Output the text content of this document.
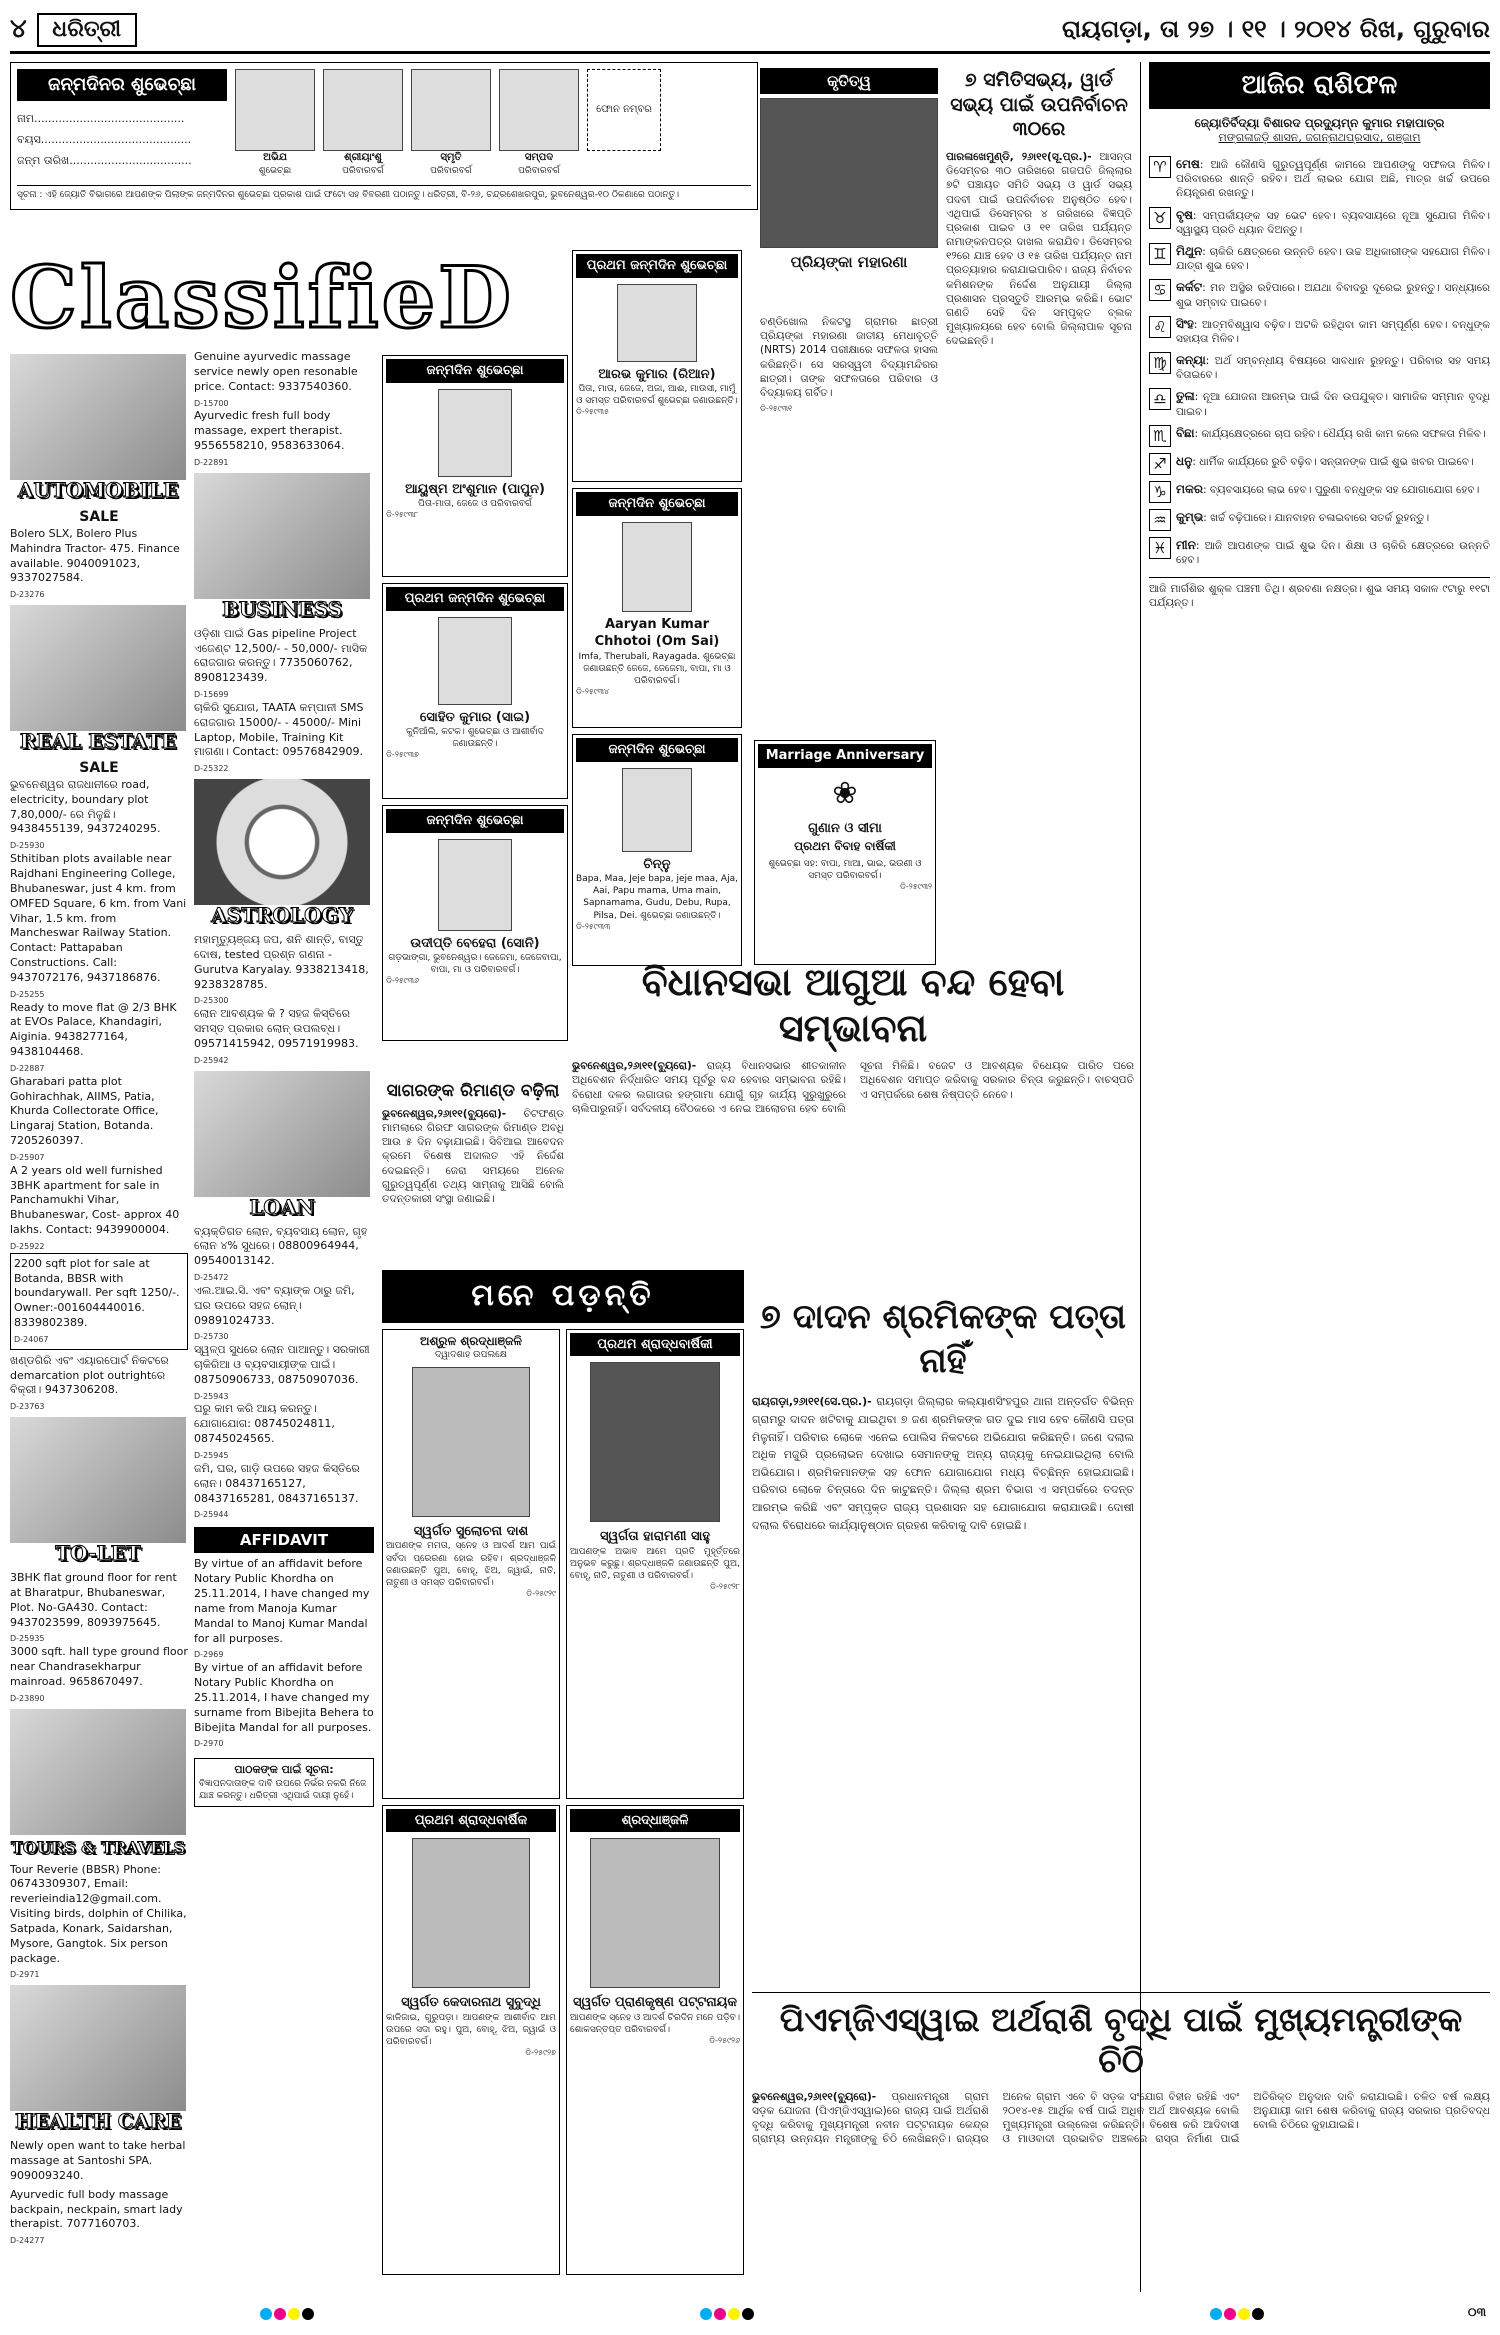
୪	ଧରିତ୍ରୀ	ରାୟଗଡ଼ା, ତା ୨୭ । ୧୧ । ୨୦୧୪ ରିଖ, ଗୁରୁବାର
ଜନ୍ମଦିନର ଶୁଭେଚ୍ଛା
ନାମ...........................................
ବୟସ...........................................
ଜନ୍ମ ତାରିଖ...................................	ଅଭିଯ
ଶୁଭେଚ୍ଛା
ଶ୍ରୀୟାଂଶୁ
ପରିବାରବର୍ଗ
ସ୍ମୃତି
ପରିବାରବର୍ଗ
ସମ୍ପଦ
ପରିବାରବର୍ଗ
ଫୋନ ନମ୍ବର
ସୂଚନା : ଏହି ଜ୍ୟୋତି ବିଭାଗରେ ଆପଣଙ୍କ ପିଲାଙ୍କ ଜନ୍ମଦିନର ଶୁଭେଚ୍ଛା ପ୍ରକାଶ ପାଇଁ ଫଟୋ ସହ ବିବରଣୀ ପଠାନ୍ତୁ। ଧରିତ୍ରୀ, ବି-୨୬, ଚନ୍ଦ୍ରଶେଖରପୁର, ଭୁବନେଶ୍ୱର-୧୦ ଠିକଣାରେ ପଠାନ୍ତୁ।
ClassifieD
AUTOMOBILE
SALE

Bolero SLX, Bolero Plus Mahindra Tractor- 475. Finance available. 9040091023, 9337027584.

D-23276
REAL ESTATE
SALE

ଭୁବନେଶ୍ୱର ରାଜଧାନୀରେ road, electricity, boundary plot 7,80,000/- ରେ ମିଳୁଛି। 9438455139, 9437240295.

D-25930

Sthitiban plots available near Rajdhani Engineering College, Bhubaneswar, just 4 km. from OMFED Square, 6 km. from Vani Vihar, 1.5 km. from Mancheswar Railway Station. Contact: Pattapaban Constructions. Call: 9437072176, 9437186876.

D-25255

Ready to move flat @ 2/3 BHK at EVOs Palace, Khandagiri, Aiginia. 9438277164, 9438104468.

D-22887

Gharabari patta plot Gohirachhak, AIIMS, Patia, Khurda Collectorate Office, Lingaraj Station, Botanda. 7205260397.

D-25907

A 2 years old well furnished 3BHK apartment for sale in Panchamukhi Vihar, Bhubaneswar, Cost- approx 40 lakhs. Contact: 9439900004.

D-25922

2200 sqft plot for sale at Botanda, BBSR with boundarywall. Per sqft 1250/-. Owner:-001604440016. 8339802389.

D-24067

ଖଣ୍ଡଗିରି ଏବଂ ଏୟାରପୋର୍ଟ ନିକଟରେ demarcation plot outrightରେ ବିକ୍ରୀ। 9437306208.

D-23763
TO-LET

3BHK flat ground floor for rent at Bharatpur, Bhubaneswar, Plot. No-GA430. Contact: 9437023599, 8093975645.

D-25935

3000 sqft. hall type ground floor near Chandrasekharpur mainroad. 9658670497.

D-23890
TOURS & TRAVELS

Tour Reverie (BBSR) Phone: 06743309307, Email: reverieindia12@gmail.com. Visiting birds, dolphin of Chilika, Satpada, Konark, Saidarshan, Mysore, Gangtok. Six person package.

D-2971
HEALTH CARE

Newly open want to take herbal massage at Santoshi SPA. 9090093240.

Ayurvedic full body massage backpain, neckpain, smart lady therapist. 7077160703.

D-24277

Genuine ayurvedic massage service newly open resonable price. Contact: 9337540360.

D-15700

Ayurvedic fresh full body massage, expert therapist. 9556558210, 9583633064.

D-22891
BUSINESS

ଓଡ଼ିଶା ପାଇଁ Gas pipeline Project ଏଜେଣ୍ଟ 12,500/- - 50,000/- ମାସିକ ରୋଜଗାର କରନ୍ତୁ। 7735060762, 8908123439.

D-15699

ଚାକିରି ସୁଯୋଗ, TAATA କମ୍ପାନୀ SMS ରୋଜଗାର 15000/- - 45000/- Mini Laptop, Mobile, Training Kit ମାଗଣା। Contact: 09576842909.

D-25322
ASTROLOGY

ମହାମୃତ୍ୟୁଞ୍ଜୟ ଜପ, ଶନି ଶାନ୍ତି, ବାସ୍ତୁ ଦୋଷ, tested ପ୍ରଶ୍ନ ଗଣନା - Gurutva Karyalay. 9338213418, 9238328785.

D-25300

ଲୋନ ଆବଶ୍ୟକ କି ? ସହଜ କିସ୍ତିରେ ସମସ୍ତ ପ୍ରକାର ଲୋନ୍ ଉପଲବ୍ଧ। 09571415942, 09571919983.

D-25942
LOAN

ବ୍ୟକ୍ତିଗତ ଲୋନ, ବ୍ୟବସାୟ ଲୋନ, ଗୃହ ଲୋନ ୪% ସୁଧରେ। 08800964944, 09540013142.

D-25472

ଏଲ.ଆଇ.ସି. ଏବଂ ବ୍ୟାଙ୍କ ଠାରୁ ଜମି, ଘର ଉପରେ ସହଜ ଲୋନ୍। 09891024733.

D-25730

ସ୍ୱଳ୍ପ ସୁଧରେ ଲୋନ ପାଆନ୍ତୁ। ସରକାରୀ ଚାକିରିଆ ଓ ବ୍ୟବସାୟୀଙ୍କ ପାଇଁ। 08750906733, 08750907036.

D-25943

ଘରୁ କାମ କରି ଆୟ କରନ୍ତୁ। ଯୋଗାଯୋଗ: 08745024811, 08745024565.

D-25945

ଜମି, ଘର, ଗାଡ଼ି ଉପରେ ସହଜ କିସ୍ତିରେ ଲୋନ। 08437165127, 08437165281, 08437165137.

D-25944
AFFIDAVIT

By virtue of an affidavit before Notary Public Khordha on 25.11.2014, I have changed my name from Manoja Kumar Mandal to Manoj Kumar Mandal for all purposes.

D-2969

By virtue of an affidavit before Notary Public Khordha on 25.11.2014, I have changed my surname from Bibejita Behera to Bibejita Mandal for all purposes.

D-2970
ପାଠକଙ୍କ ପାଇଁ ସୂଚନା:
ବିଜ୍ଞାପନଦାତାଙ୍କ ଦାବି ଉପରେ ନିର୍ଭର ନକରି ନିଜେ ଯାଞ୍ଚ କରନ୍ତୁ। ଧରିତ୍ରୀ ଏଥିପାଇଁ ଦାୟୀ ନୁହେଁ।
ଜନ୍ମଦିନ ଶୁଭେଚ୍ଛା
ଆୟୁଷ୍ମ ଅଂଶୁମାନ (ପାପୁନ)
ପିତା-ମାତା, ଜେଜେ ଓ ପରିବାରବର୍ଗ
ଡି-୨୫୯୩୮
ପ୍ରଥମ ଜନ୍ମଦିନ ଶୁଭେଚ୍ଛା
ସୋହିତ କୁମାର (ସାଇ)
କୁନିଆଁଲି, କଟକ। ଶୁଭେଚ୍ଛା ଓ ଆଶୀର୍ବାଦ ଜଣାଉଛନ୍ତି।
ଡି-୨୫୯୩୭
ଜନ୍ମଦିନ ଶୁଭେଚ୍ଛା
ଉଦୀପ୍ତି ବେହେରା (ସୋନି)
ଗଡ଼ଭାଙ୍ଗା, ଭୁବନେଶ୍ୱର। ଜେଜେମା, ଜେଜେବାପା, ବାପା, ମା ଓ ପରିବାରବର୍ଗ।
ଡି-୨୫୯୩୬
ପ୍ରଥମ ଜନ୍ମଦିନ ଶୁଭେଚ୍ଛା
ଆରଭ କୁମାର (ରିଆନ)
ପିତା, ମାତା, ଜେଜେ, ଅଜା, ଆଈ, ମାଉସୀ, ମାମୁଁ ଓ ସମସ୍ତ ପରିବାରବର୍ଗ ଶୁଭେଚ୍ଛା ଜଣାଉଛନ୍ତି।
ଡି-୨୫୯୩୫
ଜନ୍ମଦିନ ଶୁଭେଚ୍ଛା
Aaryan Kumar Chhotoi (Om Sai)
Imfa, Therubali, Rayagada. ଶୁଭେଚ୍ଛା ଜଣାଉଛନ୍ତି ଜେଜେ, ଜେଜେମା, ବାପା, ମା ଓ ପରିବାରବର୍ଗ।
ଡି-୨୫୯୩୪
ଜନ୍ମଦିନ ଶୁଭେଚ୍ଛା
ଚିନ୍ନୁ
Bapa, Maa, Jeje bapa, jeje maa, Aja, Aai, Papu mama, Uma main, Sapnamama, Gudu, Debu, Rupa, Pilsa, Dei. ଶୁଭେଚ୍ଛା ଜଣାଉଛନ୍ତି।
ଡି-୨୫୯୩୩
Marriage Anniversary
❀
ଗୁଣାନ ଓ ସୀମା
ପ୍ରଥମ ବିବାହ ବାର୍ଷିକୀ
ଶୁଭେଚ୍ଛା ସହ: ବାପା, ମାଆ, ଭାଇ, ଭଉଣୀ ଓ ସମସ୍ତ ପରିବାରବର୍ଗ।
ଡି-୨୫୯୩୨
କୃତିତ୍ୱ
ପ୍ରିୟଙ୍କା ମହାରଣା
ଚଣ୍ଡିଖୋଲ ନିକଟସ୍ଥ ଗ୍ରାମର ଛାତ୍ରୀ ପ୍ରିୟଙ୍କା ମହାରଣା ଜାତୀୟ ମେଧାବୃତ୍ତି (NRTS) 2014 ପରୀକ୍ଷାରେ ସଫଳତା ହାସଲ କରିଛନ୍ତି। ସେ ସରସ୍ୱତୀ ବିଦ୍ୟାମନ୍ଦିରର ଛାତ୍ରୀ। ତାଙ୍କ ସଫଳତାରେ ପରିବାର ଓ ବିଦ୍ୟାଳୟ ଗର୍ବିତ।
ଡି-୨୫୯୩୧
୭ ସମିତିସଭ୍ୟ, ୱାର୍ଡ ସଭ୍ୟ ପାଇଁ ଉପନିର୍ବାଚନ ୩୦ରେ
ପାରଳାଖେମୁଣ୍ଡି, ୨୬ା୧୧(ସୂ.ପ୍ର.)- ଆସନ୍ତା ଡିସେମ୍ବର ୩୦ ତାରିଖରେ ଗଜପତି ଜିଲ୍ଲାର ୭ଟି ପଞ୍ଚାୟତ ସମିତି ସଭ୍ୟ ଓ ୱାର୍ଡ ସଭ୍ୟ ପଦବୀ ପାଇଁ ଉପନିର୍ବାଚନ ଅନୁଷ୍ଠିତ ହେବ। ଏଥିପାଇଁ ଡିସେମ୍ବର ୪ ତାରିଖରେ ବିଜ୍ଞପ୍ତି ପ୍ରକାଶ ପାଇବ ଓ ୧୧ ତାରିଖ ପର୍ଯ୍ୟନ୍ତ ନାମାଙ୍କନପତ୍ର ଦାଖଲ କରାଯିବ। ଡିସେମ୍ବର ୧୨ରେ ଯାଞ୍ଚ ହେବ ଓ ୧୫ ତାରିଖ ପର୍ଯ୍ୟନ୍ତ ନାମ ପ୍ରତ୍ୟାହାର କରାଯାଇପାରିବ। ରାଜ୍ୟ ନିର୍ବାଚନ କମିଶନଙ୍କ ନିର୍ଦ୍ଦେଶ ଅନୁଯାୟୀ ଜିଲ୍ଲା ପ୍ରଶାସନ ପ୍ରସ୍ତୁତି ଆରମ୍ଭ କରିଛି। ଭୋଟ ଗଣତି ସେହି ଦିନ ସମ୍ପୃକ୍ତ ବ୍ଲକ ମୁଖ୍ୟାଳୟରେ ହେବ ବୋଲି ଜିଲ୍ଲାପାଳ ସୂଚନା ଦେଇଛନ୍ତି।
ଆଜିର ରାଶିଫଳ
ଜ୍ୟୋତିର୍ବିଦ୍ୟା ବିଶାରଦ ପ୍ରଦ୍ୟୁମ୍ନ କୁମାର ମହାପାତ୍ର
ମଙ୍ଗଳାଜଡ଼ି ଶାସନ, ଜଗନ୍ନାଥପ୍ରସାଦ, ଗଞ୍ଜାମ
♈ ମେଷ: ଆଜି କୌଣସି ଗୁରୁତ୍ୱପୂର୍ଣ୍ଣ କାମରେ ଆପଣଙ୍କୁ ସଫଳତା ମିଳିବ। ପରିବାରରେ ଶାନ୍ତି ରହିବ। ଅର୍ଥ ଲାଭର ଯୋଗ ଅଛି, ମାତ୍ର ଖର୍ଚ୍ଚ ଉପରେ ନିୟନ୍ତ୍ରଣ ରଖନ୍ତୁ।
♉ ବୃଷ: ସମ୍ପର୍କୀୟଙ୍କ ସହ ଭେଟ ହେବ। ବ୍ୟବସାୟରେ ନୂଆ ସୁଯୋଗ ମିଳିବ। ସ୍ୱାସ୍ଥ୍ୟ ପ୍ରତି ଧ୍ୟାନ ଦିଅନ୍ତୁ।
♊ ମିଥୁନ: ଚାକିରି କ୍ଷେତ୍ରରେ ଉନ୍ନତି ହେବ। ଉଚ୍ଚ ଅଧିକାରୀଙ୍କ ସହଯୋଗ ମିଳିବ। ଯାତ୍ରା ଶୁଭ ହେବ।
♋ କର୍କଟ: ମନ ଅସ୍ଥିର ରହିପାରେ। ଅଯଥା ବିବାଦରୁ ଦୂରେଇ ରୁହନ୍ତୁ। ସନ୍ଧ୍ୟାରେ ଶୁଭ ସମ୍ବାଦ ପାଇବେ।
♌ ସିଂହ: ଆତ୍ମବିଶ୍ୱାସ ବଢ଼ିବ। ଅଟକି ରହିଥିବା କାମ ସମ୍ପୂର୍ଣ୍ଣ ହେବ। ବନ୍ଧୁଙ୍କ ସହାୟତା ମିଳିବ।
♍ କନ୍ୟା: ଅର୍ଥ ସମ୍ବନ୍ଧୀୟ ବିଷୟରେ ସାବଧାନ ରୁହନ୍ତୁ। ପରିବାର ସହ ସମୟ ବିତାଇବେ।
♎ ତୁଳା: ନୂଆ ଯୋଜନା ଆରମ୍ଭ ପାଇଁ ଦିନ ଉପଯୁକ୍ତ। ସାମାଜିକ ସମ୍ମାନ ବୃଦ୍ଧି ପାଇବ।
♏ ବିଛା: କାର୍ଯ୍ୟକ୍ଷେତ୍ରରେ ଚାପ ରହିବ। ଧୈର୍ଯ୍ୟ ରଖି କାମ କଲେ ସଫଳତା ମିଳିବ।
♐ ଧନୁ: ଧାର୍ମିକ କାର୍ଯ୍ୟରେ ରୁଚି ବଢ଼ିବ। ସନ୍ତାନଙ୍କ ପାଇଁ ଶୁଭ ଖବର ପାଇବେ।
♑ ମକର: ବ୍ୟବସାୟରେ ଲାଭ ହେବ। ପୁରୁଣା ବନ୍ଧୁଙ୍କ ସହ ଯୋଗାଯୋଗ ହେବ।
♒ କୁମ୍ଭ: ଖର୍ଚ୍ଚ ବଢ଼ିପାରେ। ଯାନବାହନ ଚଳାଇବାରେ ସତର୍କ ରୁହନ୍ତୁ।
♓ ମୀନ: ଆଜି ଆପଣଙ୍କ ପାଇଁ ଶୁଭ ଦିନ। ଶିକ୍ଷା ଓ ଚାକିରି କ୍ଷେତ୍ରରେ ଉନ୍ନତି ହେବ।
ଆଜି ମାର୍ଗଶିର ଶୁକ୍ଳ ପଞ୍ଚମୀ ତିଥି। ଶ୍ରବଣା ନକ୍ଷତ୍ର। ଶୁଭ ସମୟ ସକାଳ ୯ଟାରୁ ୧୧ଟା ପର୍ଯ୍ୟନ୍ତ।
ବିଧାନସଭା ଆଗୁଆ ବନ୍ଦ ହେବା ସମ୍ଭାବନା
ଭୁବନେଶ୍ୱର,୨୬ା୧୧(ବ୍ୟୁରୋ)- ରାଜ୍ୟ ବିଧାନସଭାର ଶୀତକାଳୀନ ଅଧିବେଶନ ନିର୍ଦ୍ଧାରିତ ସମୟ ପୂର୍ବରୁ ବନ୍ଦ ହେବାର ସମ୍ଭାବନା ରହିଛି। ବିରୋଧୀ ଦଳର ଲଗାତାର ହଙ୍ଗାମା ଯୋଗୁଁ ଗୃହ କାର୍ଯ୍ୟ ସୁରୁଖୁରୁରେ ଚାଲିପାରୁନାହିଁ। ସର୍ବଦଳୀୟ ବୈଠକରେ ଏ ନେଇ ଆଲୋଚନା ହେବ ବୋଲି ସୂଚନା ମିଳିଛି। ବଜେଟ ଓ ଆବଶ୍ୟକ ବିଧେୟକ ପାରିତ ପରେ ଅଧିବେଶନ ସମାପ୍ତ କରିବାକୁ ସରକାର ଚିନ୍ତା କରୁଛନ୍ତି। ବାଚସ୍ପତି ଏ ସମ୍ପର୍କରେ ଶେଷ ନିଷ୍ପତ୍ତି ନେବେ।
ସାଗରଙ୍କ ରିମାଣ୍ଡ ବଢ଼ିଲା
ଭୁବନେଶ୍ୱର,୨୬ା୧୧(ବ୍ୟୁରୋ)- ଚିଟଫଣ୍ଡ ମାମଲାରେ ଗିରଫ ସାଗରଙ୍କ ରିମାଣ୍ଡ ଅବଧି ଆଉ ୫ ଦିନ ବଢ଼ାଯାଇଛି। ସିବିଆଇ ଆବେଦନ କ୍ରମେ ବିଶେଷ ଅଦାଲତ ଏହି ନିର୍ଦ୍ଦେଶ ଦେଇଛନ୍ତି। ଜେରା ସମୟରେ ଅନେକ ଗୁରୁତ୍ୱପୂର୍ଣ୍ଣ ତଥ୍ୟ ସାମ୍ନାକୁ ଆସିଛି ବୋଲି ତଦନ୍ତକାରୀ ସଂସ୍ଥା ଜଣାଇଛି।
ମନେ ପଡ଼ନ୍ତି
ଅଶ୍ରୁଳ ଶ୍ରଦ୍ଧାଞ୍ଜଳି
ଦ୍ୱାଦଶାହ ଉପଲକ୍ଷେ
ସ୍ୱର୍ଗତ ସୁଲୋଚନା ଦାଶ
ଆପଣଙ୍କ ମମତା, ସ୍ନେହ ଓ ଆଦର୍ଶ ଆମ ପାଇଁ ସର୍ବଦା ପ୍ରେରଣା ହୋଇ ରହିବ। ଶ୍ରଦ୍ଧାଞ୍ଜଳି ଜଣାଉଛନ୍ତି ପୁଅ, ବୋହୂ, ଝିଅ, ଜ୍ୱାଇଁ, ନାତି, ନାତୁଣୀ ଓ ସମସ୍ତ ପରିବାରବର୍ଗ।
ଡି-୨୫୯୨୯
ପ୍ରଥମ ଶ୍ରାଦ୍ଧବାର୍ଷିକ
ସ୍ୱର୍ଗତ କେଦାରନାଥ ସୁବୁଦ୍ଧି
କାଳିଜାଇ, ଗୁରୁପଡ଼ା। ଆପଣଙ୍କ ଆଶୀର୍ବାଦ ଆମ ଉପରେ ସଦା ରହୁ। ପୁଅ, ବୋହୂ, ଝିଅ, ଜ୍ୱାଇଁ ଓ ପରିବାରବର୍ଗ।
ଡି-୨୫୯୨୭
ପ୍ରଥମ ଶ୍ରାଦ୍ଧବାର୍ଷିକୀ
ସ୍ୱର୍ଗତା ହାରାମଣୀ ସାହୁ
ଆପଣଙ୍କ ଅଭାବ ଆମେ ପ୍ରତି ମୁହୂର୍ତ୍ତରେ ଅନୁଭବ କରୁଛୁ। ଶ୍ରଦ୍ଧାଞ୍ଜଳି ଜଣାଉଛନ୍ତି ପୁଅ, ବୋହୂ, ନାତି, ନାତୁଣୀ ଓ ପରିବାରବର୍ଗ।
ଡି-୨୫୯୨୮
ଶ୍ରଦ୍ଧାଞ୍ଜଳି
ସ୍ୱର୍ଗତ ପ୍ରାଣକୃଷ୍ଣ ପଟ୍ଟନାୟକ
ଆପଣଙ୍କ ସ୍ନେହ ଓ ଆଦର୍ଶ ଚିରଦିନ ମନେ ପଡ଼ିବ। ଶୋକସନ୍ତପ୍ତ ପରିବାରବର୍ଗ।
ଡି-୨୫୯୨୬
୭ ଦାଦନ ଶ୍ରମିକଙ୍କ ପତ୍ତା ନାହିଁ
ରାୟଗଡ଼ା,୨୬ା୧୧(ସେ.ପ୍ର.)- ରାୟଗଡ଼ା ଜିଲ୍ଲାର କଲ୍ୟାଣସିଂହପୁର ଥାନା ଅନ୍ତର୍ଗତ ବିଭିନ୍ନ ଗ୍ରାମରୁ ଦାଦନ ଖଟିବାକୁ ଯାଇଥିବା ୭ ଜଣ ଶ୍ରମିକଙ୍କ ଗତ ଦୁଇ ମାସ ହେବ କୌଣସି ପତ୍ତା ମିଳୁନାହିଁ। ପରିବାର ଲୋକେ ଏନେଇ ପୋଲିସ ନିକଟରେ ଅଭିଯୋଗ କରିଛନ୍ତି। ଜଣେ ଦଲାଲ ଅଧିକ ମଜୁରି ପ୍ରଲୋଭନ ଦେଖାଇ ସେମାନଙ୍କୁ ଅନ୍ୟ ରାଜ୍ୟକୁ ନେଇଯାଇଥିଲା ବୋଲି ଅଭିଯୋଗ। ଶ୍ରମିକମାନଙ୍କ ସହ ଫୋନ ଯୋଗାଯୋଗ ମଧ୍ୟ ବିଚ୍ଛିନ୍ନ ହୋଇଯାଇଛି। ପରିବାର ଲୋକେ ଚିନ୍ତାରେ ଦିନ କାଟୁଛନ୍ତି। ଜିଲ୍ଲା ଶ୍ରମ ବିଭାଗ ଏ ସମ୍ପର୍କରେ ତଦନ୍ତ ଆରମ୍ଭ କରିଛି ଏବଂ ସମ୍ପୃକ୍ତ ରାଜ୍ୟ ପ୍ରଶାସନ ସହ ଯୋଗାଯୋଗ କରାଯାଉଛି। ଦୋଷୀ ଦଲାଲ ବିରୋଧରେ କାର୍ଯ୍ୟାନୁଷ୍ଠାନ ଗ୍ରହଣ କରିବାକୁ ଦାବି ହୋଇଛି।
ପିଏମ୍‌ଜିଏସ୍‌ୱାଇ ଅର୍ଥରାଶି ବୃଦ୍ଧି ପାଇଁ ମୁଖ୍ୟମନ୍ତ୍ରୀଙ୍କ ଚିଠି
ଭୁବନେଶ୍ୱର,୨୬ା୧୧(ବ୍ୟୁରୋ)- ପ୍ରଧାନମନ୍ତ୍ରୀ ଗ୍ରାମ ସଡ଼କ ଯୋଜନା (ପିଏମ୍‌ଜିଏସ୍‌ୱାଇ)ରେ ରାଜ୍ୟ ପାଇଁ ଅର୍ଥରାଶି ବୃଦ୍ଧି କରିବାକୁ ମୁଖ୍ୟମନ୍ତ୍ରୀ ନବୀନ ପଟ୍ଟନାୟକ କେନ୍ଦ୍ର ଗ୍ରାମ୍ୟ ଉନ୍ନୟନ ମନ୍ତ୍ରୀଙ୍କୁ ଚିଠି ଲେଖିଛନ୍ତି। ରାଜ୍ୟର ଅନେକ ଗ୍ରାମ ଏବେ ବି ସଡ଼କ ସଂଯୋଗ ବିହୀନ ରହିଛି ଏବଂ ୨୦୧୪-୧୫ ଆର୍ଥିକ ବର୍ଷ ପାଇଁ ଅଧିକ ଅର୍ଥ ଆବଶ୍ୟକ ବୋଲି ମୁଖ୍ୟମନ୍ତ୍ରୀ ଉଲ୍ଲେଖ କରିଛନ୍ତି। ବିଶେଷ କରି ଆଦିବାସୀ ଓ ମାଓବାଦୀ ପ୍ରଭାବିତ ଅଞ୍ଚଳରେ ରାସ୍ତା ନିର୍ମାଣ ପାଇଁ ଅତିରିକ୍ତ ଅନୁଦାନ ଦାବି କରାଯାଇଛି। ଚଳିତ ବର୍ଷ ଲକ୍ଷ୍ୟ ଅନୁଯାୟୀ କାମ ଶେଷ କରିବାକୁ ରାଜ୍ୟ ସରକାର ପ୍ରତିବଦ୍ଧ ବୋଲି ଚିଠିରେ କୁହାଯାଇଛି।
୦୩
